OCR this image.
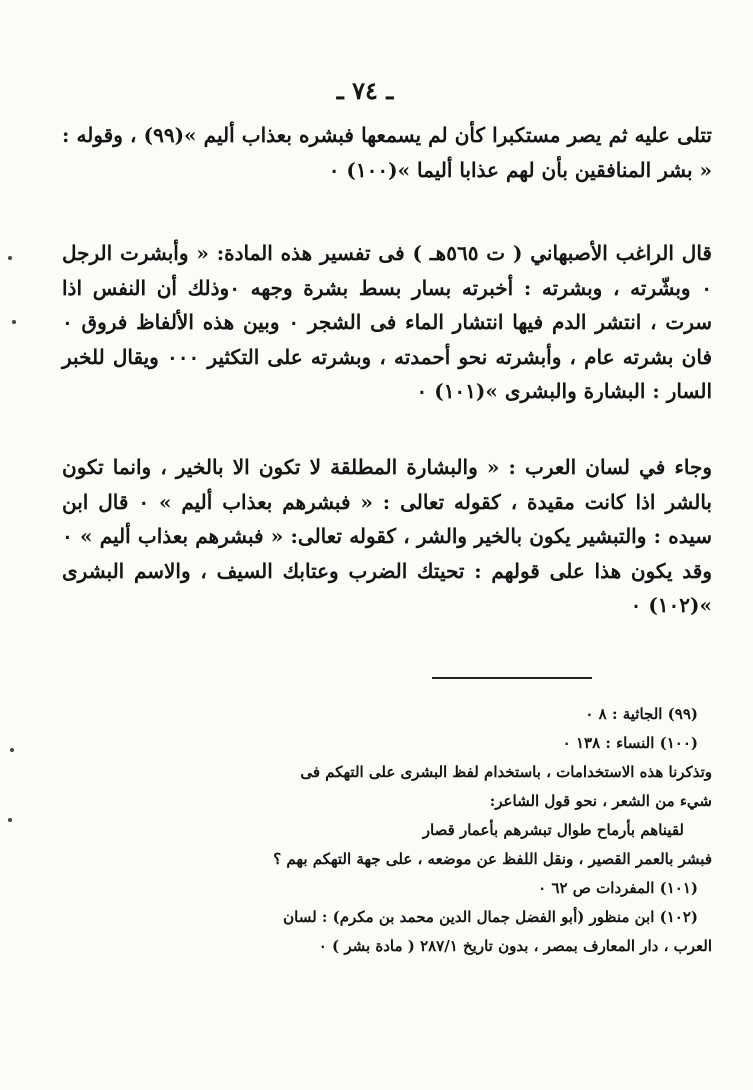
ـ ٧٤ ـ

تتلى عليه ثم يصر مستكبرا كأن لم يسمعها فبشره بعذاب أليم »(٩٩) ، وقوله : « بشر المنافقين بأن لهم عذابا أليما »(١٠٠) ٠

قال الراغب الأصبهاني ( ت ٥٦٥هـ ) فى تفسير هذه المادة: « وأبشرت الرجل ٠ وبشّرته ، وبشرته : أخبرته بسار بسط بشرة وجهه ٠وذلك أن النفس اذا سرت ، انتشر الدم فيها انتشار الماء فى الشجر ٠ وبين هذه الألفاظ فروق ٠ فان بشرته عام ، وأبشرته نحو أحمدته ، وبشرته على التكثير ٠٠٠ ويقال للخبر السار : البشارة والبشرى »(١٠١) ٠

وجاء في لسان العرب : « والبشارة المطلقة لا تكون الا بالخير ، وانما تكون بالشر اذا كانت مقيدة ، كقوله تعالى : « فبشرهم بعذاب أليم » ٠ قال ابن سيده : والتبشير يكون بالخير والشر ، كقوله تعالى: « فبشرهم بعذاب أليم » ٠ وقد يكون هذا على قولهم : تحيتك الضرب وعتابك السيف ، والاسم البشرى »(١٠٢) ٠

(٩٩) الجاثية : ٨ ٠

(١٠٠) النساء : ١٣٨ ٠

وتذكرنا هذه الاستخدامات ، باستخدام لفظ البشرى على التهكم فى

شيء من الشعر ، نحو قول الشاعر:

لقيناهم بأرماح طوال تبشرهم بأعمار قصار

فبشر بالعمر القصير ، ونقل اللفظ عن موضعه ، على جهة التهكم بهم ؟

(١٠١) المفردات ص ٦٢ ٠

(١٠٢) ابن منظور (أبو الفضل جمال الدين محمد بن مكرم) : لسان

العرب ، دار المعارف بمصر ، بدون تاريخ ٢٨٧/١ ( مادة بشر ) ٠
